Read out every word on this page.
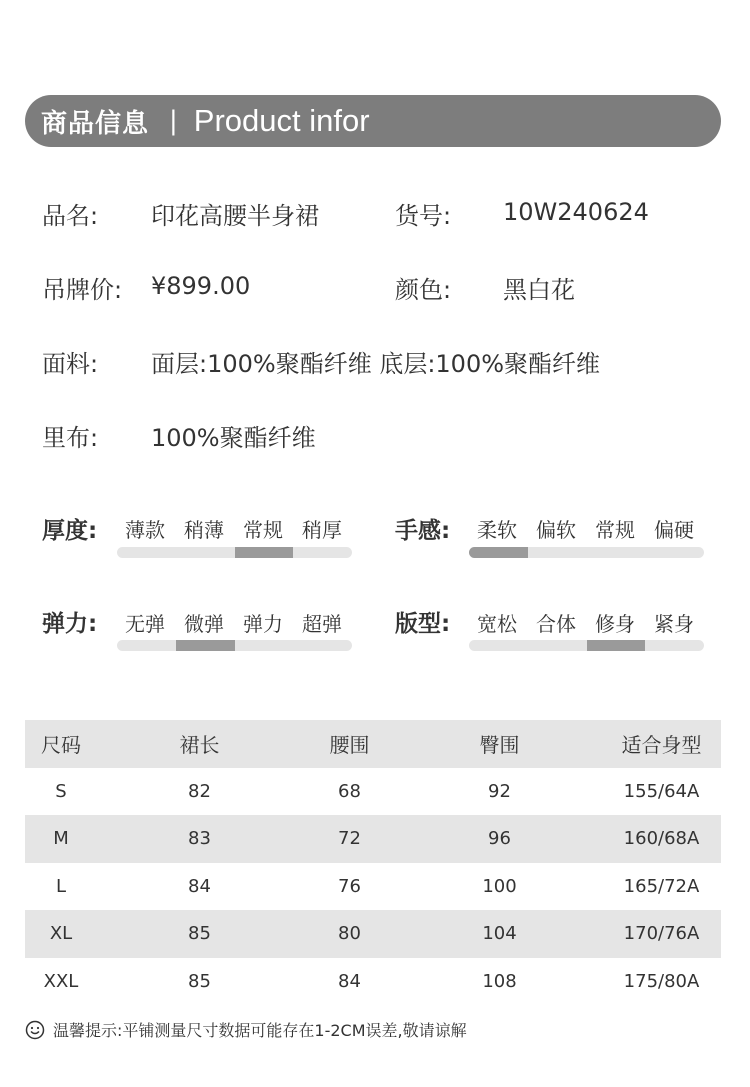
商品信息 | Product infor
品名: 印花高腰半身裙	货号: 10W240624
吊牌价: ¥899.00	颜色: 黑白花
面料: 面层:100%聚酯纤维 底层:100%聚酯纤维
里布: 100%聚酯纤维
厚度: 薄款 稍薄 常规 稍厚 手感: 柔软 偏软 常规 偏硬
弹力: 无弹 微弹 弹力 超弹 版型: 宽松 合体 修身 紧身
尺码	裙长	腰围	臀围	适合身型
S	82	68	92	155/64A
M	83	72	96	160/68A
L	84	76	100	165/72A
XL	85	80	104	170/76A
XXL	85	84	108	175/80A
温馨提示:平铺测量尺寸数据可能存在1-2CM误差,敬请谅解
